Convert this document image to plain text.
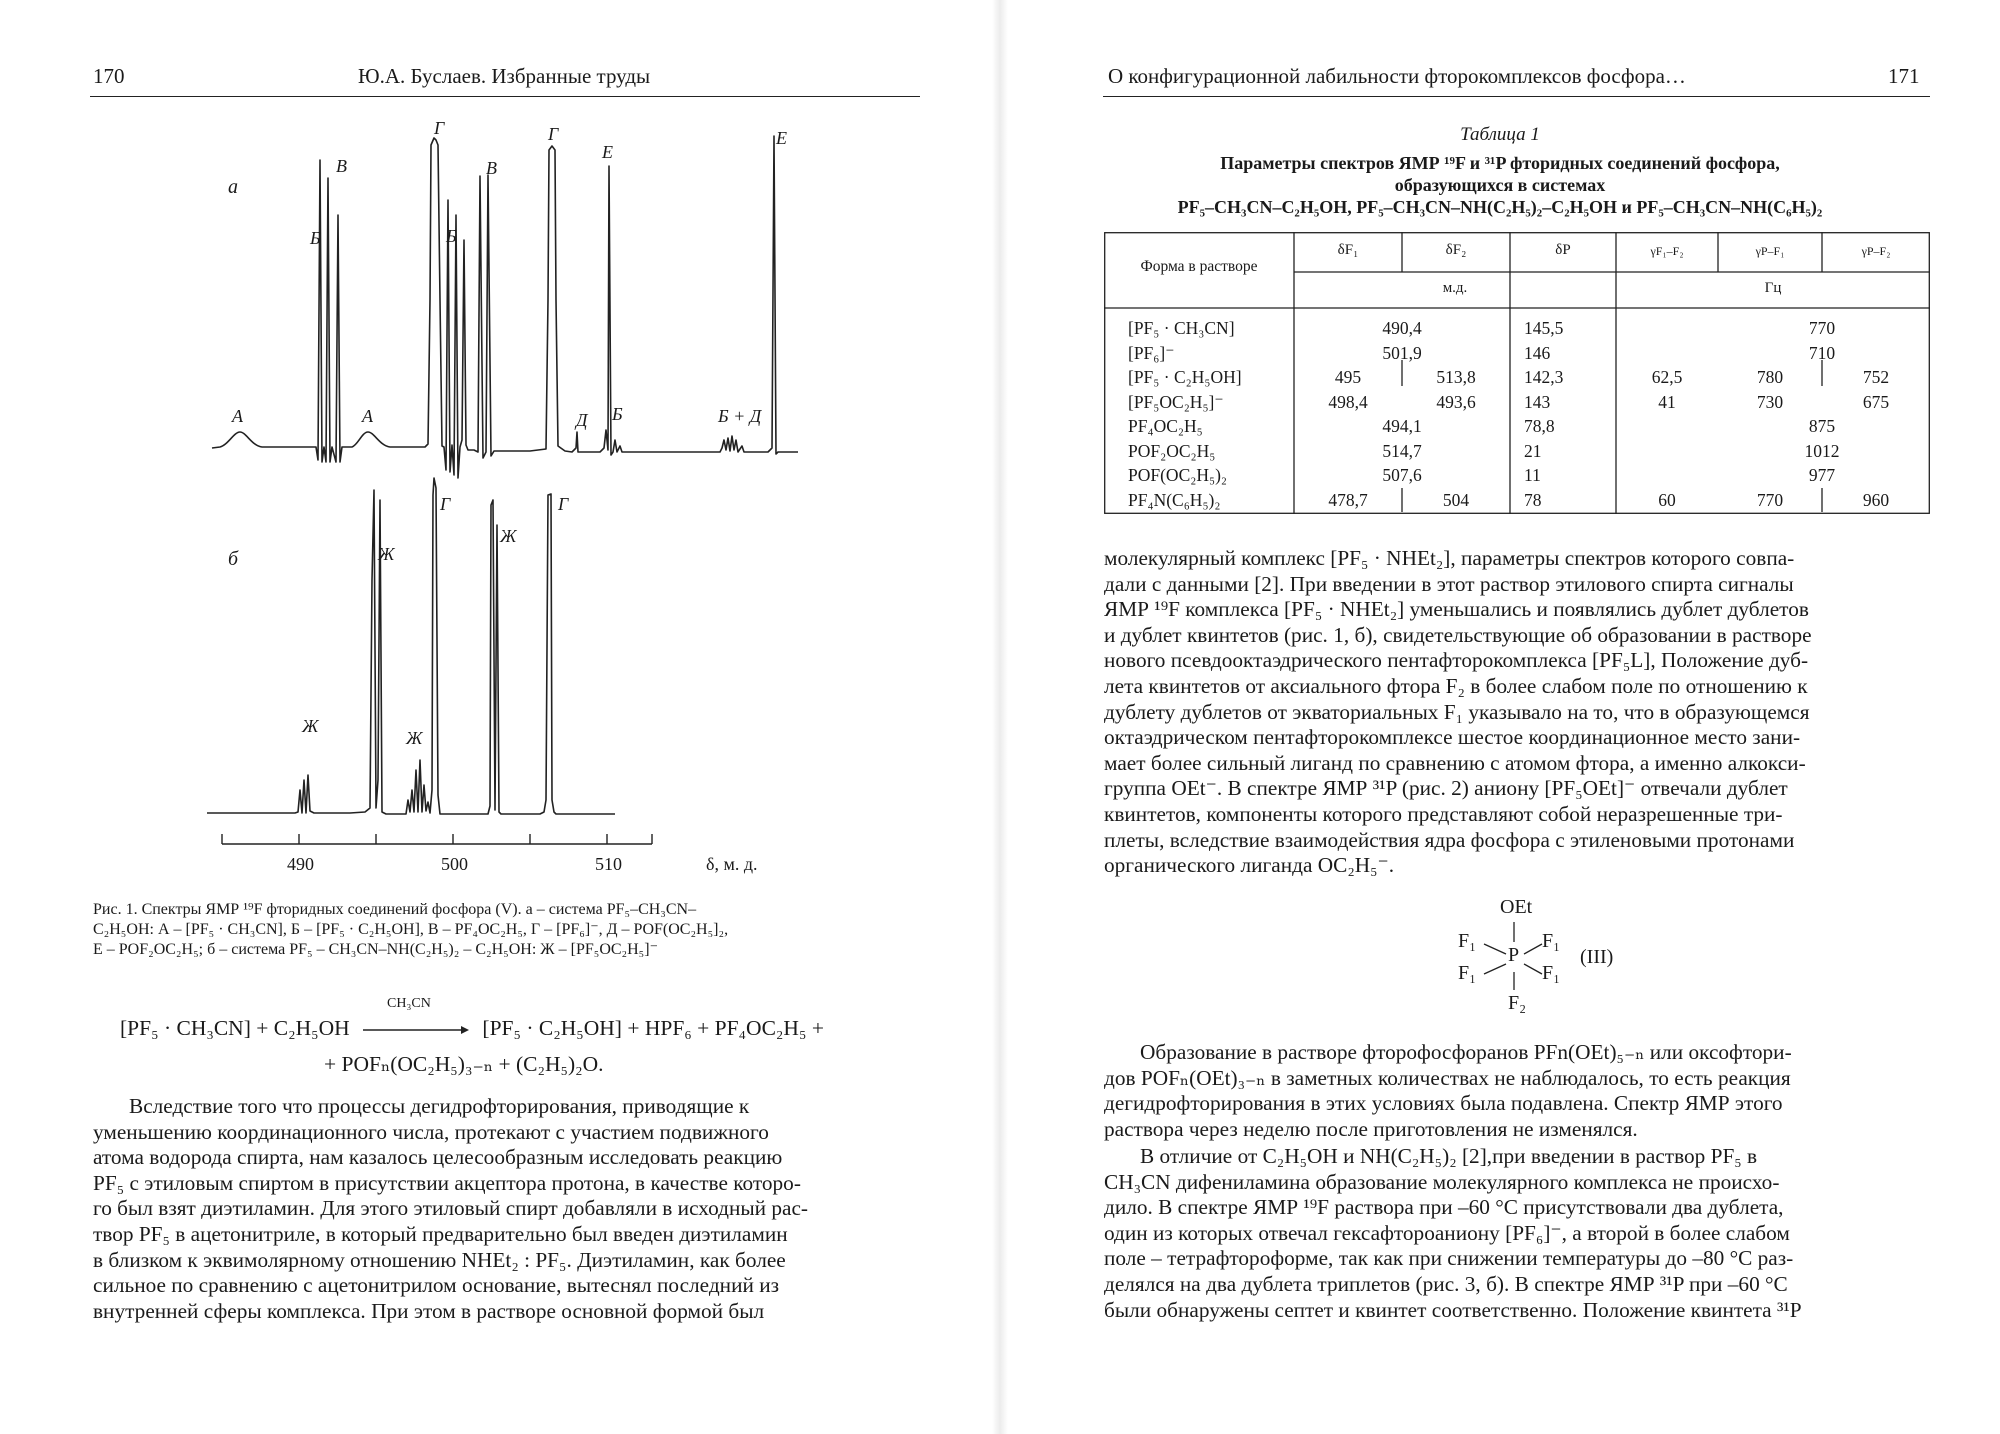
170	Ю.А. Буслаев. Избранные труды
а
б
А
Б
В
А
Б
Г
В
Г
Д
Е
Б	Б + Д
Е
Ж
Ж
Ж
Г
Ж
Г
490	500	510	δ, м. д.
Рис. 1. Спектры ЯМР ¹⁹F фторидных соединений фосфора (V). а – система PF₅–CH₃CN–
C₂H₅OH: А – [PF₅ · CH₃CN], Б – [PF₅ · C₂H₅OH], В – PF₄OC₂H₅, Г – [PF₆]⁻, Д – POF(OC₂H₅]₂,
Е – POF₂OC₂H₅; б – система PF₅ – CH₃CN–NH(C₂H₅)₂ – C₂H₅OH: Ж – [PF₅OC₂H₅]⁻
[PF₅ · CH₃CN] + C₂H₅OH
CH₃CN
[PF₅ · C₂H₅OH] + HPF₆ + PF₄OC₂H₅ +
+ POFₙ(OC₂H₅)₃₋ₙ + (C₂H₅)₂O.
Вследствие того что процессы дегидрофторирования, приводящие к
уменьшению координационного числа, протекают с участием подвижного
атома водорода спирта, нам казалось целесообразным исследовать реакцию
PF₅ с этиловым спиртом в присутствии акцептора протона, в качестве которо-
го был взят диэтиламин. Для этого этиловый спирт добавляли в исходный рас-
твор PF₅ в ацетонитриле, в который предварительно был введен диэтиламин
в близком к эквимолярному отношению NHEt₂ : PF₅. Диэтиламин, как более
сильное по сравнению с ацетонитрилом основание, вытеснял последний из
внутренней сферы комплекса. При этом в растворе основной формой был
О конфигурационной лабильности фторокомплексов фосфора…	171
Таблица 1
Параметры спектров ЯМР ¹⁹F и ³¹P фторидных соединений фосфора,
образующихся в системах
PF₅–CH₃CN–C₂H₅OH, PF₅–CH₃CN–NH(C₂H₅)₂–C₂H₅OH и PF₅–CH₃CN–NH(C₆H₅)₂
Форма в растворе
δF₁	δF₂	δP	γF₁–F₂	γP–F₁	γP–F₂
м.д.	Гц
[PF₅ · CH₃CN]	490,4	145,5	770
[PF₆]⁻	501,9	146	710
[PF₅ · C₂H₅OH]	495	513,8	142,3	62,5	780	752
[PF₅OC₂H₅]⁻	498,4	493,6	143	41	730	675
PF₄OC₂H₅	494,1	78,8	875
POF₂OC₂H₅	514,7	21	1012
POF(OC₂H₅)₂	507,6	11	977
PF₄N(C₆H₅)₂	478,7	504	78	60	770	960
молекулярный комплекс [PF₅ · NHEt₂], параметры спектров которого совпа-
дали с данными [2]. При введении в этот раствор этилового спирта сигналы
ЯМР ¹⁹F комплекса [PF₅ · NHEt₂] уменьшались и появлялись дублет дублетов
и дублет квинтетов (рис. 1, б), свидетельствующие об образовании в растворе
нового псевдооктаэдрического пентафторокомплекса [PF₅L], Положение дуб-
лета квинтетов от аксиального фтора F₂ в более слабом поле по отношению к
дублету дублетов от экваториальных F₁ указывало на то, что в образующемся
октаэдрическом пентафторокомплексе шестое координационное место зани-
мает более сильный лиганд по сравнению с атомом фтора, а именно алкокси-
группа OEt⁻. В спектре ЯМР ³¹P (рис. 2) аниону [PF₅OEt]⁻ отвечали дублет
квинтетов, компоненты которого представляют собой неразрешенные три-
плеты, вследствие взаимодействия ядра фосфора с этиленовыми протонами
органического лиганда OC₂H₅⁻.
OEt
F₁	F₁
P
F₁	F₁
F₂
(III)
Образование в растворе фторофосфоранов PFn(OEt)₅₋ₙ или оксофтори-
дов POFₙ(OEt)₃₋ₙ в заметных количествах не наблюдалось, то есть реакция
дегидрофторирования в этих условиях была подавлена. Спектр ЯМР этого
раствора через неделю после приготовления не изменялся.
В отличие от C₂H₅OH и NH(C₂H₅)₂ [2],при введении в раствор PF₅ в
CH₃CN дифениламина образование молекулярного комплекса не происхо-
дило. В спектре ЯМР ¹⁹F раствора при –60 °C присутствовали два дублета,
один из которых отвечал гексафтороаниону [PF₆]⁻, а второй в более слабом
поле – тетрафтороформе, так как при снижении температуры до –80 °C раз-
делялся на два дублета триплетов (рис. 3, б). В спектре ЯМР ³¹P при –60 °C
были обнаружены септет и квинтет соответственно. Положение квинтета ³¹P
